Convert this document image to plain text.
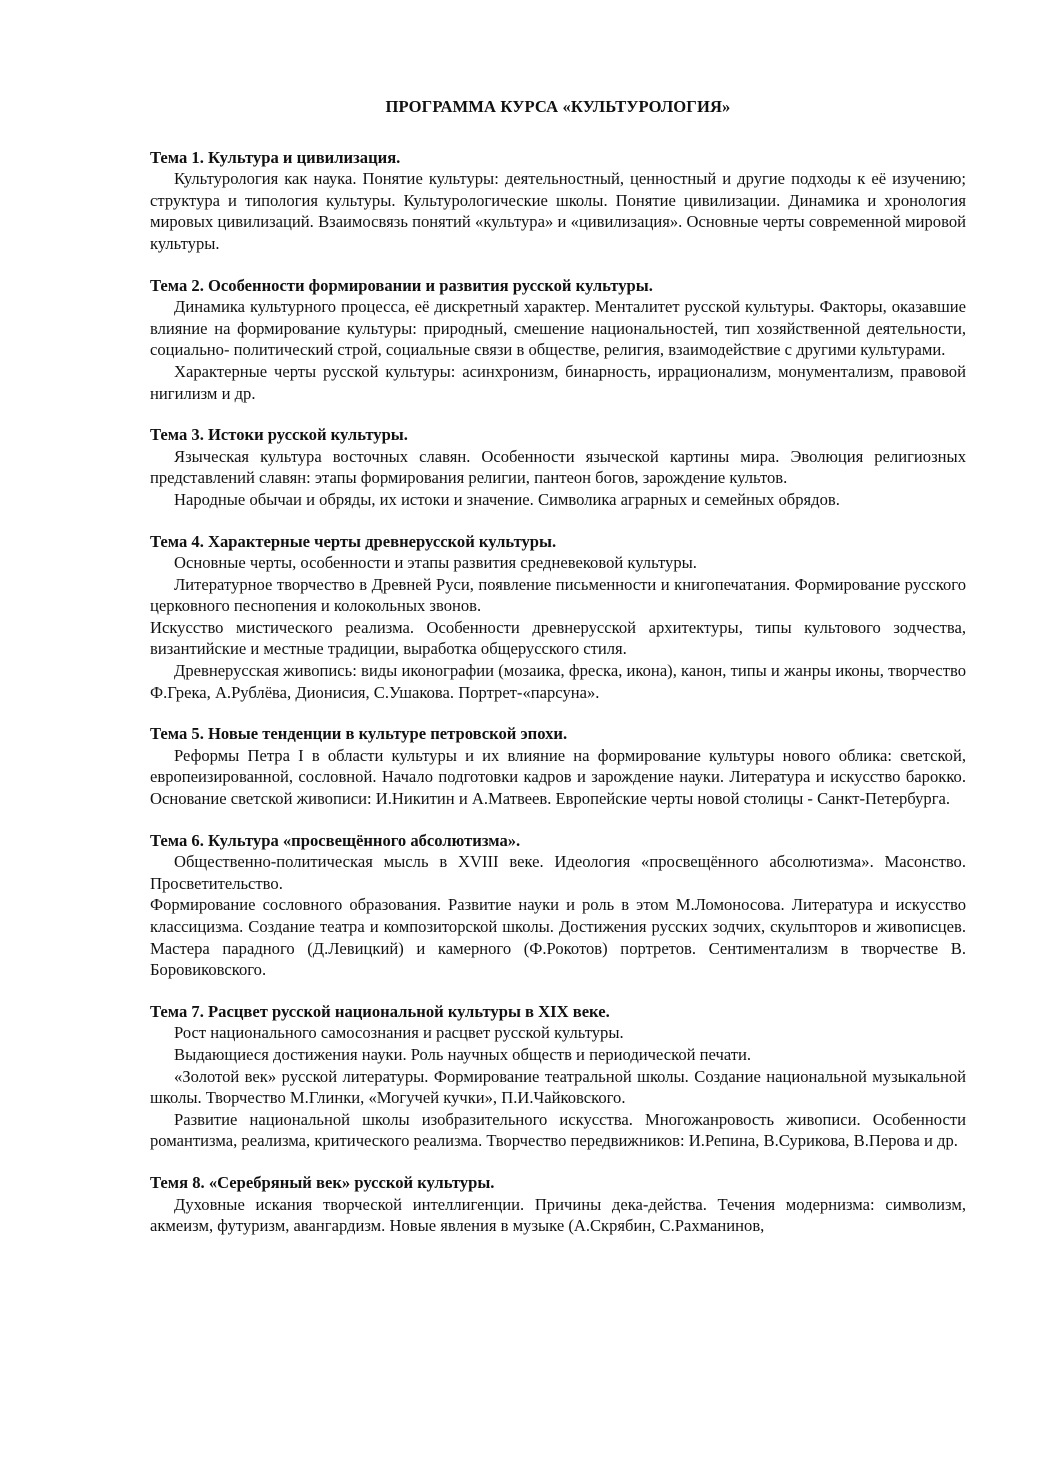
ПРОГРАММА КУРСА «КУЛЬТУРОЛОГИЯ»
Тема 1. Культура и цивилизация.

Культурология как наука. Понятие культуры: деятельностный, ценностный и другие подходы к её изучению; структура и типология культуры. Культурологические школы. Понятие цивилизации. Динамика и хронология мировых цивилизаций. Взаимосвязь понятий «культура» и «цивилизация». Основные черты современной мировой культуры.

Тема 2. Особенности формировании и развития русской культуры.

Динамика культурного процесса, её дискретный характер. Менталитет русской культуры. Факторы, оказавшие влияние на формирование культуры: природный, смешение национальностей, тип хозяйственной деятельности, социально- политический строй, социальные связи в обществе, религия, взаимодействие с другими культурами.

Характерные черты русской культуры: асинхронизм, бинарность, иррационализм, монументализм, правовой нигилизм и др.

Тема 3. Истоки русской культуры.

Языческая культура восточных славян. Особенности языческой картины мира. Эволюция религиозных представлений славян: этапы формирования религии, пантеон богов, зарождение культов.

Народные обычаи и обряды, их истоки и значение. Символика аграрных и семейных обрядов.

Тема 4. Характерные черты древнерусской культуры.

Основные черты, особенности и этапы развития средневековой культуры.

Литературное творчество в Древней Руси, появление письменности и книгопечатания. Формирование русского церковного песнопения и колокольных звонов.

Искусство мистического реализма. Особенности древнерусской архитектуры, типы культового зодчества, византийские и местные традиции, выработка общерусского стиля.

Древнерусская живопись: виды иконографии (мозаика, фреска, икона), канон, типы и жанры иконы, творчество Ф.Грека, А.Рублёва, Дионисия, С.Ушакова. Портрет-«парсуна».

Тема 5. Новые тенденции в культуре петровской эпохи.

Реформы Петра I в области культуры и их влияние на формирование культуры нового облика: светской, европеизированной, сословной. Начало подготовки кадров и зарождение науки. Литература и искусство барокко. Основание светской живописи: И.Никитин и А.Матвеев. Европейские черты новой столицы - Санкт-Петербурга.

Тема 6. Культура «просвещённого абсолютизма».

Общественно-политическая мысль в XVIII веке. Идеология «просвещённого абсолютизма». Масонство. Просветительство.

Формирование сословного образования. Развитие науки и роль в этом М.Ломоносова. Литература и искусство классицизма. Создание театра и композиторской школы. Достижения русских зодчих, скульпторов и живописцев. Мастера парадного (Д.Левицкий) и камерного (Ф.Рокотов) портретов. Сентиментализм в творчестве В. Боровиковского.

Тема 7. Расцвет русской национальной культуры в XIX веке.

Рост национального самосознания и расцвет русской культуры.

Выдающиеся достижения науки. Роль научных обществ и периодической печати.

«Золотой век» русской литературы. Формирование театральной школы. Создание национальной музыкальной школы. Творчество М.Глинки, «Могучей кучки», П.И.Чайковского.

Развитие национальной школы изобразительного искусства. Многожанровость живописи. Особенности романтизма, реализма, критического реализма. Творчество передвижников: И.Репина, В.Сурикова, В.Перова и др.

Темя 8. «Серебряный век» русской культуры.

Духовные искания творческой интеллигенции. Причины дека-действа. Течения модернизма: символизм, акмеизм, футуризм, авангардизм. Новые явления в музыке (А.Скрябин, С.Рахманинов,
